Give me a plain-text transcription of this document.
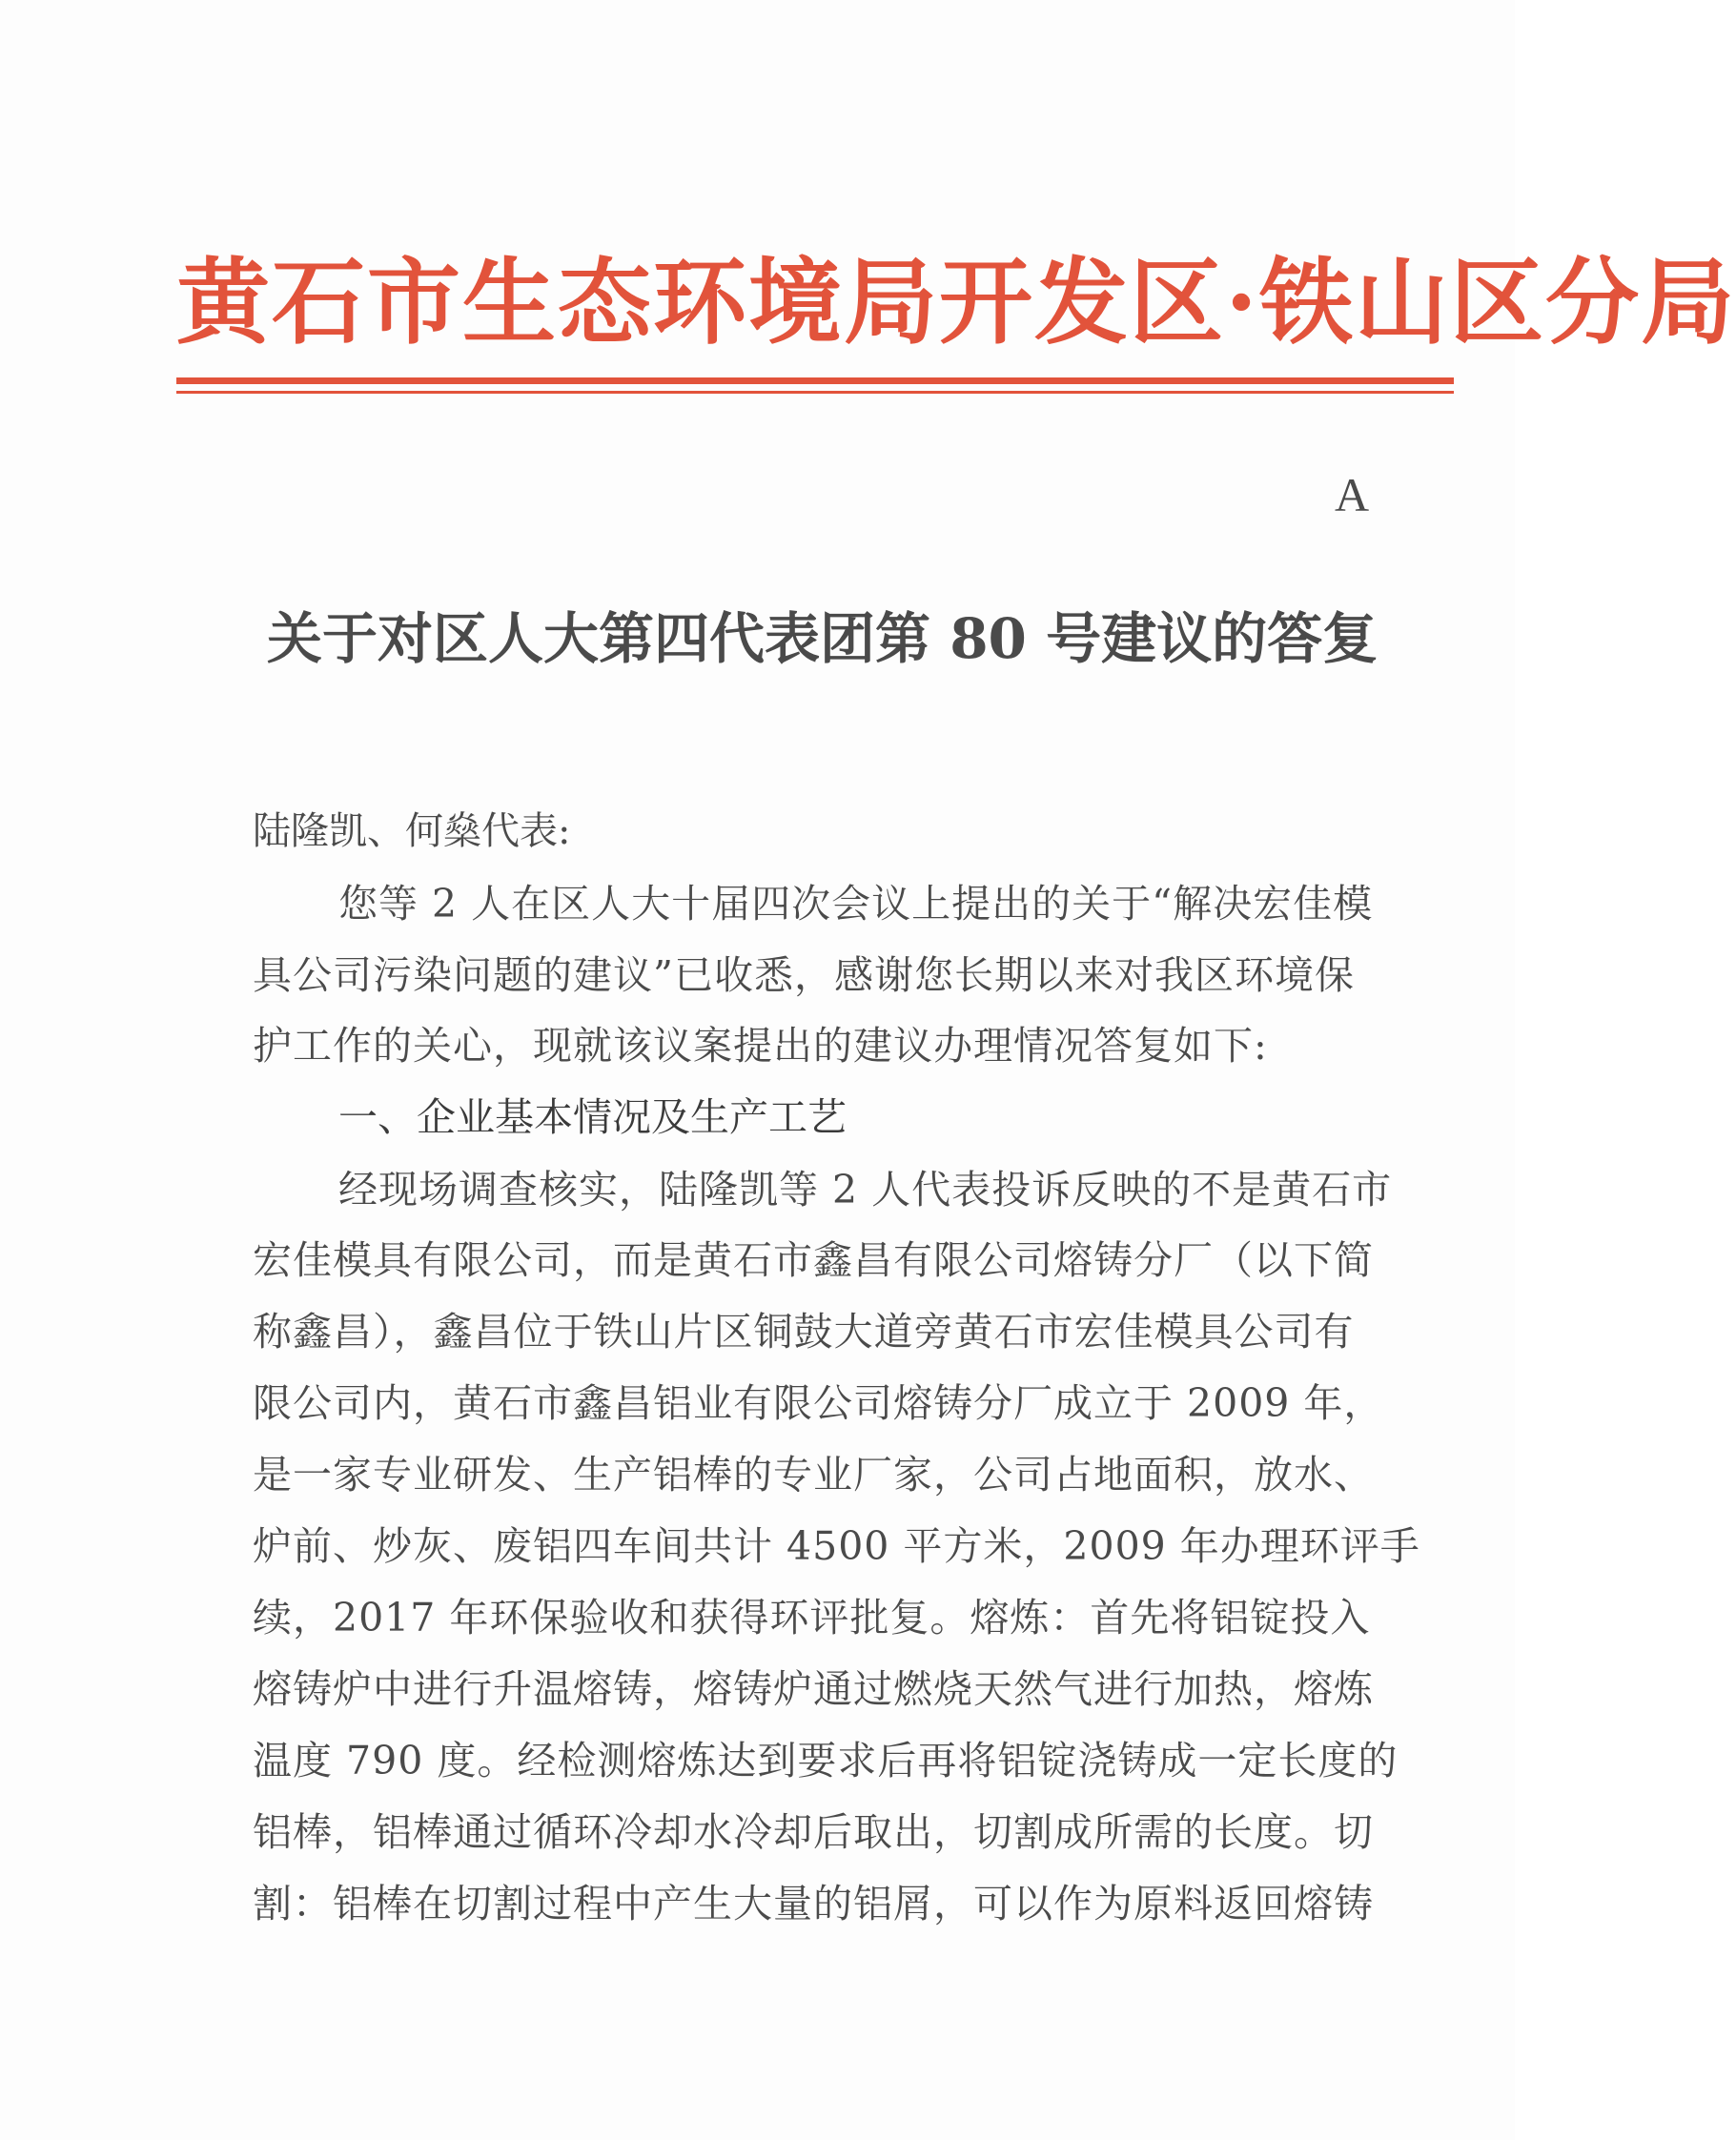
黄石市生态环境局开发区·铁山区分局
A
关于对区人大第四代表团第 80 号建议的答复
陆隆凯、何燊代表:
您等 2 人在区人大十届四次会议上提出的关于“解决宏佳模
具公司污染问题的建议”已收悉，感谢您长期以来对我区环境保
护工作的关心，现就该议案提出的建议办理情况答复如下:
一、企业基本情况及生产工艺
经现场调查核实，陆隆凯等 2 人代表投诉反映的不是黄石市
宏佳模具有限公司，而是黄石市鑫昌有限公司熔铸分厂（以下简
称鑫昌），鑫昌位于铁山片区铜鼓大道旁黄石市宏佳模具公司有
限公司内，黄石市鑫昌铝业有限公司熔铸分厂成立于 2009 年，
是一家专业研发、生产铝棒的专业厂家，公司占地面积，放水、
炉前、炒灰、废铝四车间共计 4500 平方米，2009 年办理环评手
续，2017 年环保验收和获得环评批复。熔炼：首先将铝锭投入
熔铸炉中进行升温熔铸，熔铸炉通过燃烧天然气进行加热，熔炼
温度 790 度。经检测熔炼达到要求后再将铝锭浇铸成一定长度的
铝棒，铝棒通过循环冷却水冷却后取出，切割成所需的长度。切
割：铝棒在切割过程中产生大量的铝屑，可以作为原料返回熔铸
